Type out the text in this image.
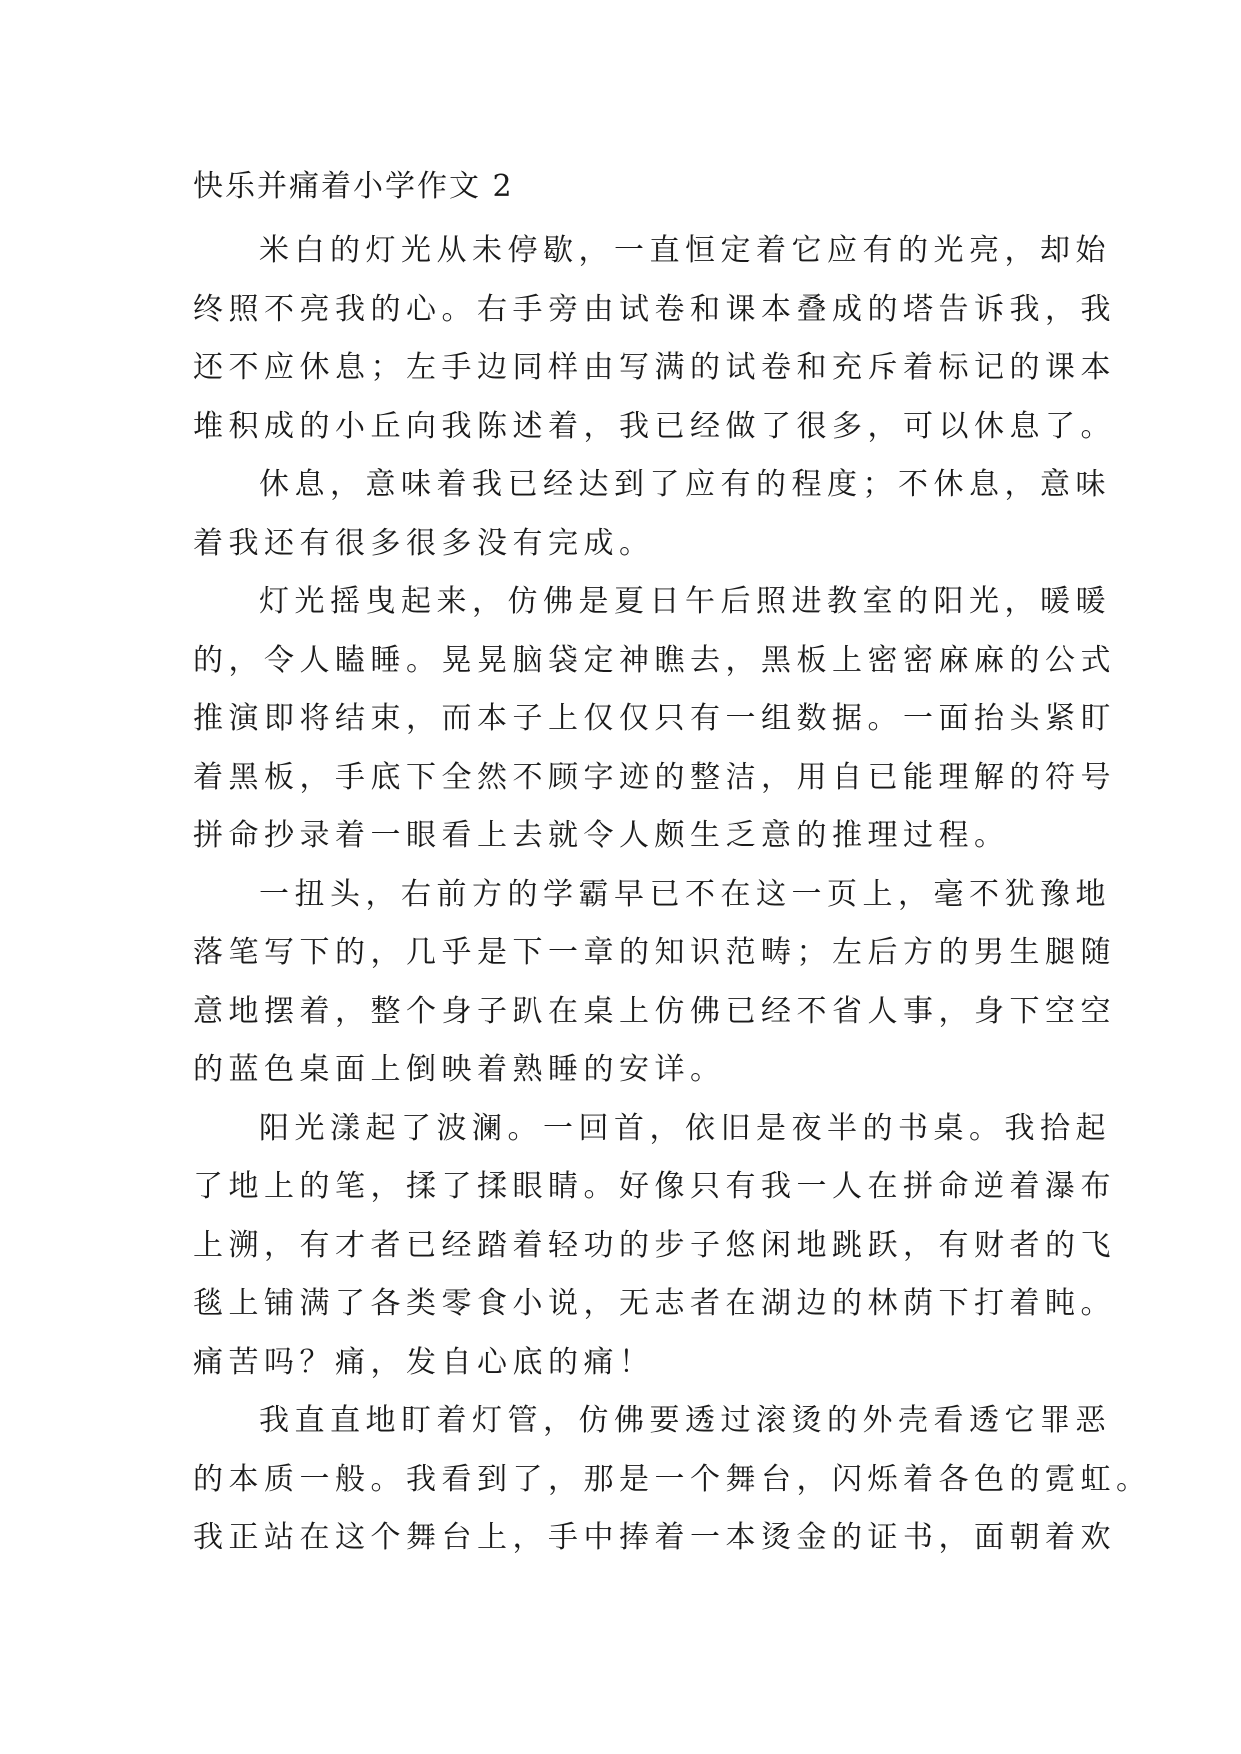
快乐并痛着小学作文 2

米白的灯光从未停歇，一直恒定着它应有的光亮，却始
终照不亮我的心。右手旁由试卷和课本叠成的塔告诉我，我
还不应休息；左手边同样由写满的试卷和充斥着标记的课本
堆积成的小丘向我陈述着，我已经做了很多，可以休息了。

休息，意味着我已经达到了应有的程度；不休息，意味
着我还有很多很多没有完成。

灯光摇曳起来，仿佛是夏日午后照进教室的阳光，暖暖
的，令人瞌睡。晃晃脑袋定神瞧去，黑板上密密麻麻的公式
推演即将结束，而本子上仅仅只有一组数据。一面抬头紧盯
着黑板，手底下全然不顾字迹的整洁，用自已能理解的符号
拼命抄录着一眼看上去就令人颇生乏意的推理过程。

一扭头，右前方的学霸早已不在这一页上，毫不犹豫地
落笔写下的，几乎是下一章的知识范畴；左后方的男生腿随
意地摆着，整个身子趴在桌上仿佛已经不省人事，身下空空
的蓝色桌面上倒映着熟睡的安详。

阳光漾起了波澜。一回首，依旧是夜半的书桌。我拾起
了地上的笔，揉了揉眼睛。好像只有我一人在拼命逆着瀑布
上溯，有才者已经踏着轻功的步子悠闲地跳跃，有财者的飞
毯上铺满了各类零食小说，无志者在湖边的林荫下打着盹。
痛苦吗？痛，发自心底的痛！

我直直地盯着灯管，仿佛要透过滚烫的外壳看透它罪恶
的本质一般。我看到了，那是一个舞台，闪烁着各色的霓虹。
我正站在这个舞台上，手中捧着一本烫金的证书，面朝着欢
